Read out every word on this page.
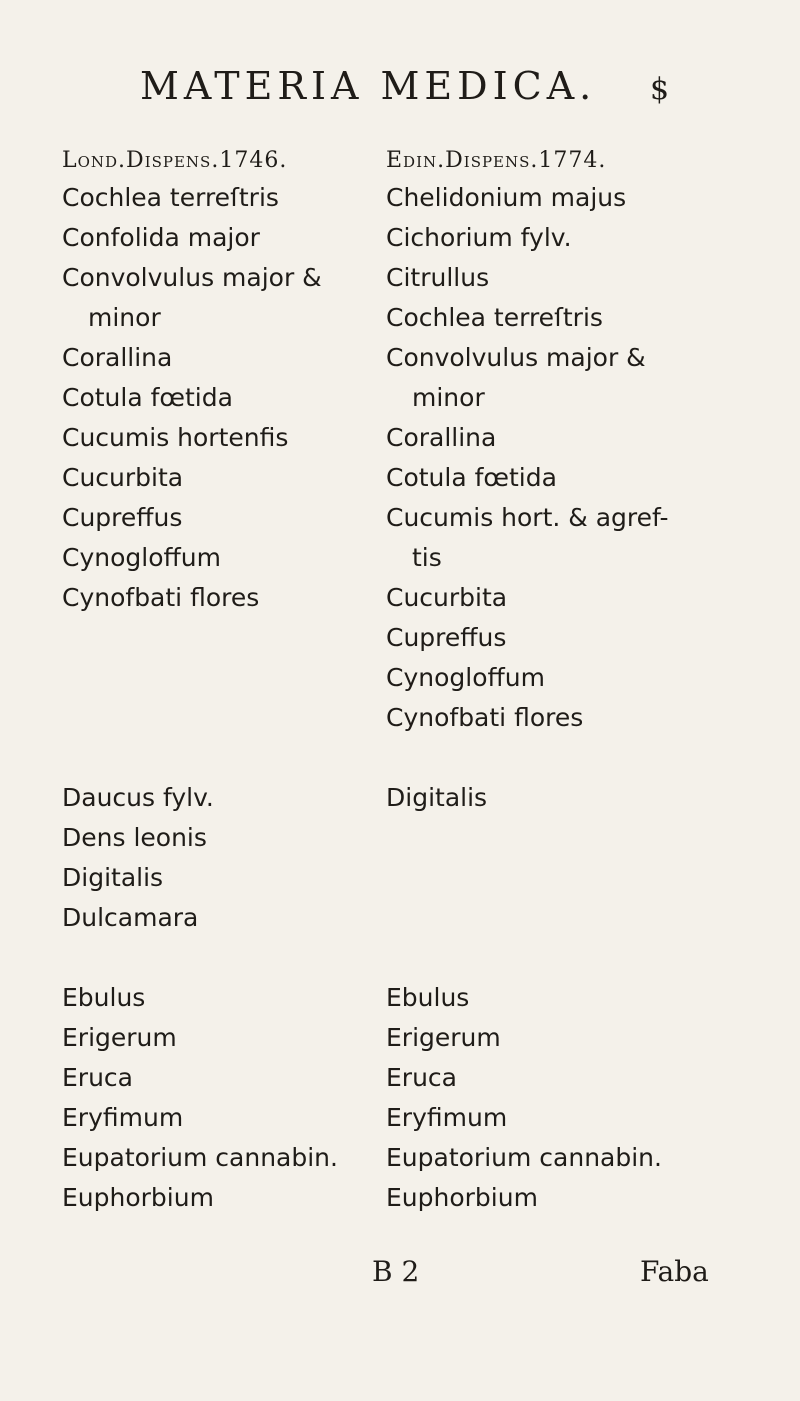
MATERIA MEDICA. $
Lond.Dispens.1746.	Edin.Dispens.1774.
Cochlea terreſtris
Confolida major
Convolvulus major &
minor
Corallina
Cotula fœtida
Cucumis hortenfis
Cucurbita
Cupreffus
Cynogloffum
Cynofbati flores
Daucus fylv.
Dens leonis
Digitalis
Dulcamara
Ebulus
Erigerum
Eruca
Eryfimum
Eupatorium cannabin.
Euphorbium
Chelidonium majus
Cichorium fylv.
Citrullus
Cochlea terreſtris
Convolvulus major &
minor
Corallina
Cotula fœtida
Cucumis hort. & agref-
tis
Cucurbita
Cupreffus
Cynogloffum
Cynofbati flores
Digitalis
Ebulus
Erigerum
Eruca
Eryfimum
Eupatorium cannabin.
Euphorbium
B 2	Faba
